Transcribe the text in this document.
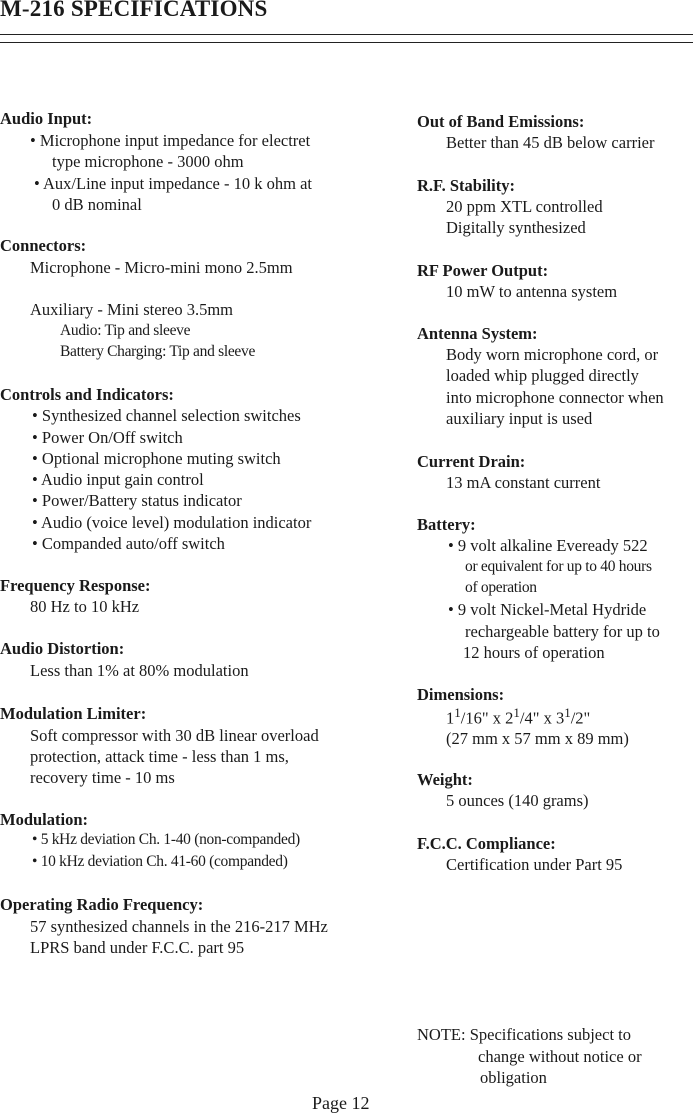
M-216 SPECIFICATIONS
Audio Input:
• Microphone input impedance for electret
type microphone - 3000 ohm
• Aux/Line input impedance - 10 k ohm at
0 dB nominal
Connectors:
Microphone - Micro-mini mono 2.5mm
Auxiliary - Mini stereo 3.5mm
Audio: Tip and sleeve
Battery Charging: Tip and sleeve
Controls and Indicators:
• Synthesized channel selection switches
• Power On/Off switch
• Optional microphone muting switch
• Audio input gain control
• Power/Battery status indicator
• Audio (voice level) modulation indicator
• Companded auto/off switch
Frequency Response:
80 Hz to 10 kHz
Audio Distortion:
Less than 1% at 80% modulation
Modulation Limiter:
Soft compressor with 30 dB linear overload
protection, attack time - less than 1 ms,
recovery time - 10 ms
Modulation:
• 5 kHz deviation Ch. 1-40 (non-companded)
• 10 kHz deviation Ch. 41-60 (companded)
Operating Radio Frequency:
57 synthesized channels in the 216-217 MHz
LPRS band under F.C.C. part 95
Out of Band Emissions:
Better than 45 dB below carrier
R.F. Stability:
20 ppm XTL controlled
Digitally synthesized
RF Power Output:
10 mW to antenna system
Antenna System:
Body worn microphone cord, or
loaded whip plugged directly
into microphone connector when
auxiliary input is used
Current Drain:
13 mA constant current
Battery:
• 9 volt alkaline Eveready 522
or equivalent for up to 40 hours
of operation
• 9 volt Nickel-Metal Hydride
rechargeable battery for up to
12 hours of operation
Dimensions:
$1^1/16$" x $2^1/4$" x $3^1/2$"
(27 mm x 57 mm x 89 mm)
Weight:
5 ounces (140 grams)
F.C.C. Compliance:
Certification under Part 95
NOTE: Specifications subject to
change without notice or
obligation
Page 12
